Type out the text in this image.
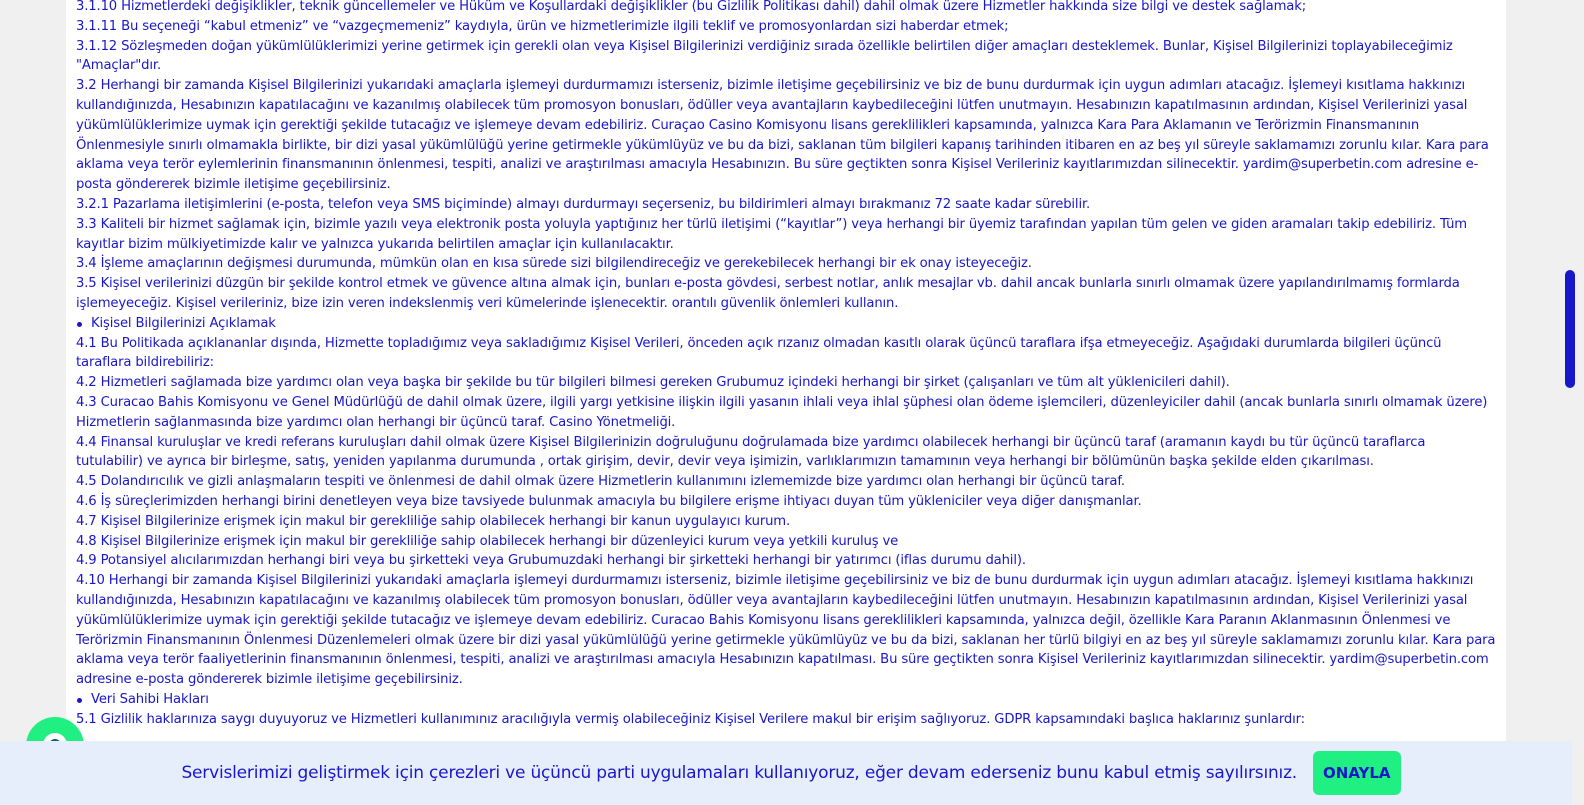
3.1.10 Hizmetlerdeki değişiklikler, teknik güncellemeler ve Hüküm ve Koşullardaki değişiklikler (bu Gizlilik Politikası dahil) dahil olmak üzere Hizmetler hakkında size bilgi ve destek sağlamak;

3.1.11 Bu seçeneği “kabul etmeniz” ve “vazgeçmemeniz” kaydıyla, ürün ve hizmetlerimizle ilgili teklif ve promosyonlardan sizi haberdar etmek;

3.1.12 Sözleşmeden doğan yükümlülüklerimizi yerine getirmek için gerekli olan veya Kişisel Bilgilerinizi verdiğiniz sırada özellikle belirtilen diğer amaçları desteklemek. Bunlar, Kişisel Bilgilerinizi toplayabileceğimiz "Amaçlar"dır.

3.2 Herhangi bir zamanda Kişisel Bilgilerinizi yukarıdaki amaçlarla işlemeyi durdurmamızı isterseniz, bizimle iletişime geçebilirsiniz ve biz de bunu durdurmak için uygun adımları atacağız. İşlemeyi kısıtlama hakkınızı kullandığınızda, Hesabınızın kapatılacağını ve kazanılmış olabilecek tüm promosyon bonusları, ödüller veya avantajların kaybedileceğini lütfen unutmayın. Hesabınızın kapatılmasının ardından, Kişisel Verilerinizi yasal yükümlülüklerimize uymak için gerektiği şekilde tutacağız ve işlemeye devam edebiliriz. Curaçao Casino Komisyonu lisans gereklilikleri kapsamında, yalnızca Kara Para Aklamanın ve Terörizmin Finansmanının Önlenmesiyle sınırlı olmamakla birlikte, bir dizi yasal yükümlülüğü yerine getirmekle yükümlüyüz ve bu da bizi, saklanan tüm bilgileri kapanış tarihinden itibaren en az beş yıl süreyle saklamamızı zorunlu kılar. Kara para aklama veya terör eylemlerinin finansmanının önlenmesi, tespiti, analizi ve araştırılması amacıyla Hesabınızın. Bu süre geçtikten sonra Kişisel Verileriniz kayıtlarımızdan silinecektir. yardim@superbetin.com adresine e-posta göndererek bizimle iletişime geçebilirsiniz.

3.2.1 Pazarlama iletişimlerini (e-posta, telefon veya SMS biçiminde) almayı durdurmayı seçerseniz, bu bildirimleri almayı bırakmanız 72 saate kadar sürebilir.

3.3 Kaliteli bir hizmet sağlamak için, bizimle yazılı veya elektronik posta yoluyla yaptığınız her türlü iletişimi (“kayıtlar”) veya herhangi bir üyemiz tarafından yapılan tüm gelen ve giden aramaları takip edebiliriz. Tüm kayıtlar bizim mülkiyetimizde kalır ve yalnızca yukarıda belirtilen amaçlar için kullanılacaktır.

3.4 İşleme amaçlarının değişmesi durumunda, mümkün olan en kısa sürede sizi bilgilendireceğiz ve gerekebilecek herhangi bir ek onay isteyeceğiz.

3.5 Kişisel verilerinizi düzgün bir şekilde kontrol etmek ve güvence altına almak için, bunları e-posta gövdesi, serbest notlar, anlık mesajlar vb. dahil ancak bunlarla sınırlı olmamak üzere yapılandırılmamış formlarda işlemeyeceğiz. Kişisel verileriniz, bize izin veren indekslenmiş veri kümelerinde işlenecektir. orantılı güvenlik önlemleri kullanın.

Kişisel Bilgilerinizi Açıklamak

4.1 Bu Politikada açıklananlar dışında, Hizmette topladığımız veya sakladığımız Kişisel Verileri, önceden açık rızanız olmadan kasıtlı olarak üçüncü taraflara ifşa etmeyeceğiz. Aşağıdaki durumlarda bilgileri üçüncü taraflara bildirebiliriz:

4.2 Hizmetleri sağlamada bize yardımcı olan veya başka bir şekilde bu tür bilgileri bilmesi gereken Grubumuz içindeki herhangi bir şirket (çalışanları ve tüm alt yüklenicileri dahil).

4.3 Curacao Bahis Komisyonu ve Genel Müdürlüğü de dahil olmak üzere, ilgili yargı yetkisine ilişkin ilgili yasanın ihlali veya ihlal şüphesi olan ödeme işlemcileri, düzenleyiciler dahil (ancak bunlarla sınırlı olmamak üzere) Hizmetlerin sağlanmasında bize yardımcı olan herhangi bir üçüncü taraf. Casino Yönetmeliği.

4.4 Finansal kuruluşlar ve kredi referans kuruluşları dahil olmak üzere Kişisel Bilgilerinizin doğruluğunu doğrulamada bize yardımcı olabilecek herhangi bir üçüncü taraf (aramanın kaydı bu tür üçüncü taraflarca tutulabilir) ve ayrıca bir birleşme, satış, yeniden yapılanma durumunda , ortak girişim, devir, devir veya işimizin, varlıklarımızın tamamının veya herhangi bir bölümünün başka şekilde elden çıkarılması.

4.5 Dolandırıcılık ve gizli anlaşmaların tespiti ve önlenmesi de dahil olmak üzere Hizmetlerin kullanımını izlememizde bize yardımcı olan herhangi bir üçüncü taraf.

4.6 İş süreçlerimizden herhangi birini denetleyen veya bize tavsiyede bulunmak amacıyla bu bilgilere erişme ihtiyacı duyan tüm yükleniciler veya diğer danışmanlar.

4.7 Kişisel Bilgilerinize erişmek için makul bir gerekliliğe sahip olabilecek herhangi bir kanun uygulayıcı kurum.

4.8 Kişisel Bilgilerinize erişmek için makul bir gerekliliğe sahip olabilecek herhangi bir düzenleyici kurum veya yetkili kuruluş ve

4.9 Potansiyel alıcılarımızdan herhangi biri veya bu şirketteki veya Grubumuzdaki herhangi bir şirketteki herhangi bir yatırımcı (iflas durumu dahil).

4.10 Herhangi bir zamanda Kişisel Bilgilerinizi yukarıdaki amaçlarla işlemeyi durdurmamızı isterseniz, bizimle iletişime geçebilirsiniz ve biz de bunu durdurmak için uygun adımları atacağız. İşlemeyi kısıtlama hakkınızı kullandığınızda, Hesabınızın kapatılacağını ve kazanılmış olabilecek tüm promosyon bonusları, ödüller veya avantajların kaybedileceğini lütfen unutmayın. Hesabınızın kapatılmasının ardından, Kişisel Verilerinizi yasal yükümlülüklerimize uymak için gerektiği şekilde tutacağız ve işlemeye devam edebiliriz. Curacao Bahis Komisyonu lisans gereklilikleri kapsamında, yalnızca değil, özellikle Kara Paranın Aklanmasının Önlenmesi ve Terörizmin Finansmanının Önlenmesi Düzenlemeleri olmak üzere bir dizi yasal yükümlülüğü yerine getirmekle yükümlüyüz ve bu da bizi, saklanan her türlü bilgiyi en az beş yıl süreyle saklamamızı zorunlu kılar. Kara para aklama veya terör faaliyetlerinin finansmanının önlenmesi, tespiti, analizi ve araştırılması amacıyla Hesabınızın kapatılması. Bu süre geçtikten sonra Kişisel Verileriniz kayıtlarımızdan silinecektir. yardim@superbetin.com adresine e-posta göndererek bizimle iletişime geçebilirsiniz.

Veri Sahibi Hakları

5.1 Gizlilik haklarınıza saygı duyuyoruz ve Hizmetleri kullanımınız aracılığıyla vermiş olabileceğiniz Kişisel Verilere makul bir erişim sağlıyoruz. GDPR kapsamındaki başlıca haklarınız şunlardır:

Servislerimizi geliştirmek için çerezleri ve üçüncü parti uygulamaları kullanıyoruz, eğer devam ederseniz bunu kabul etmiş sayılırsınız.	ONAYLA
